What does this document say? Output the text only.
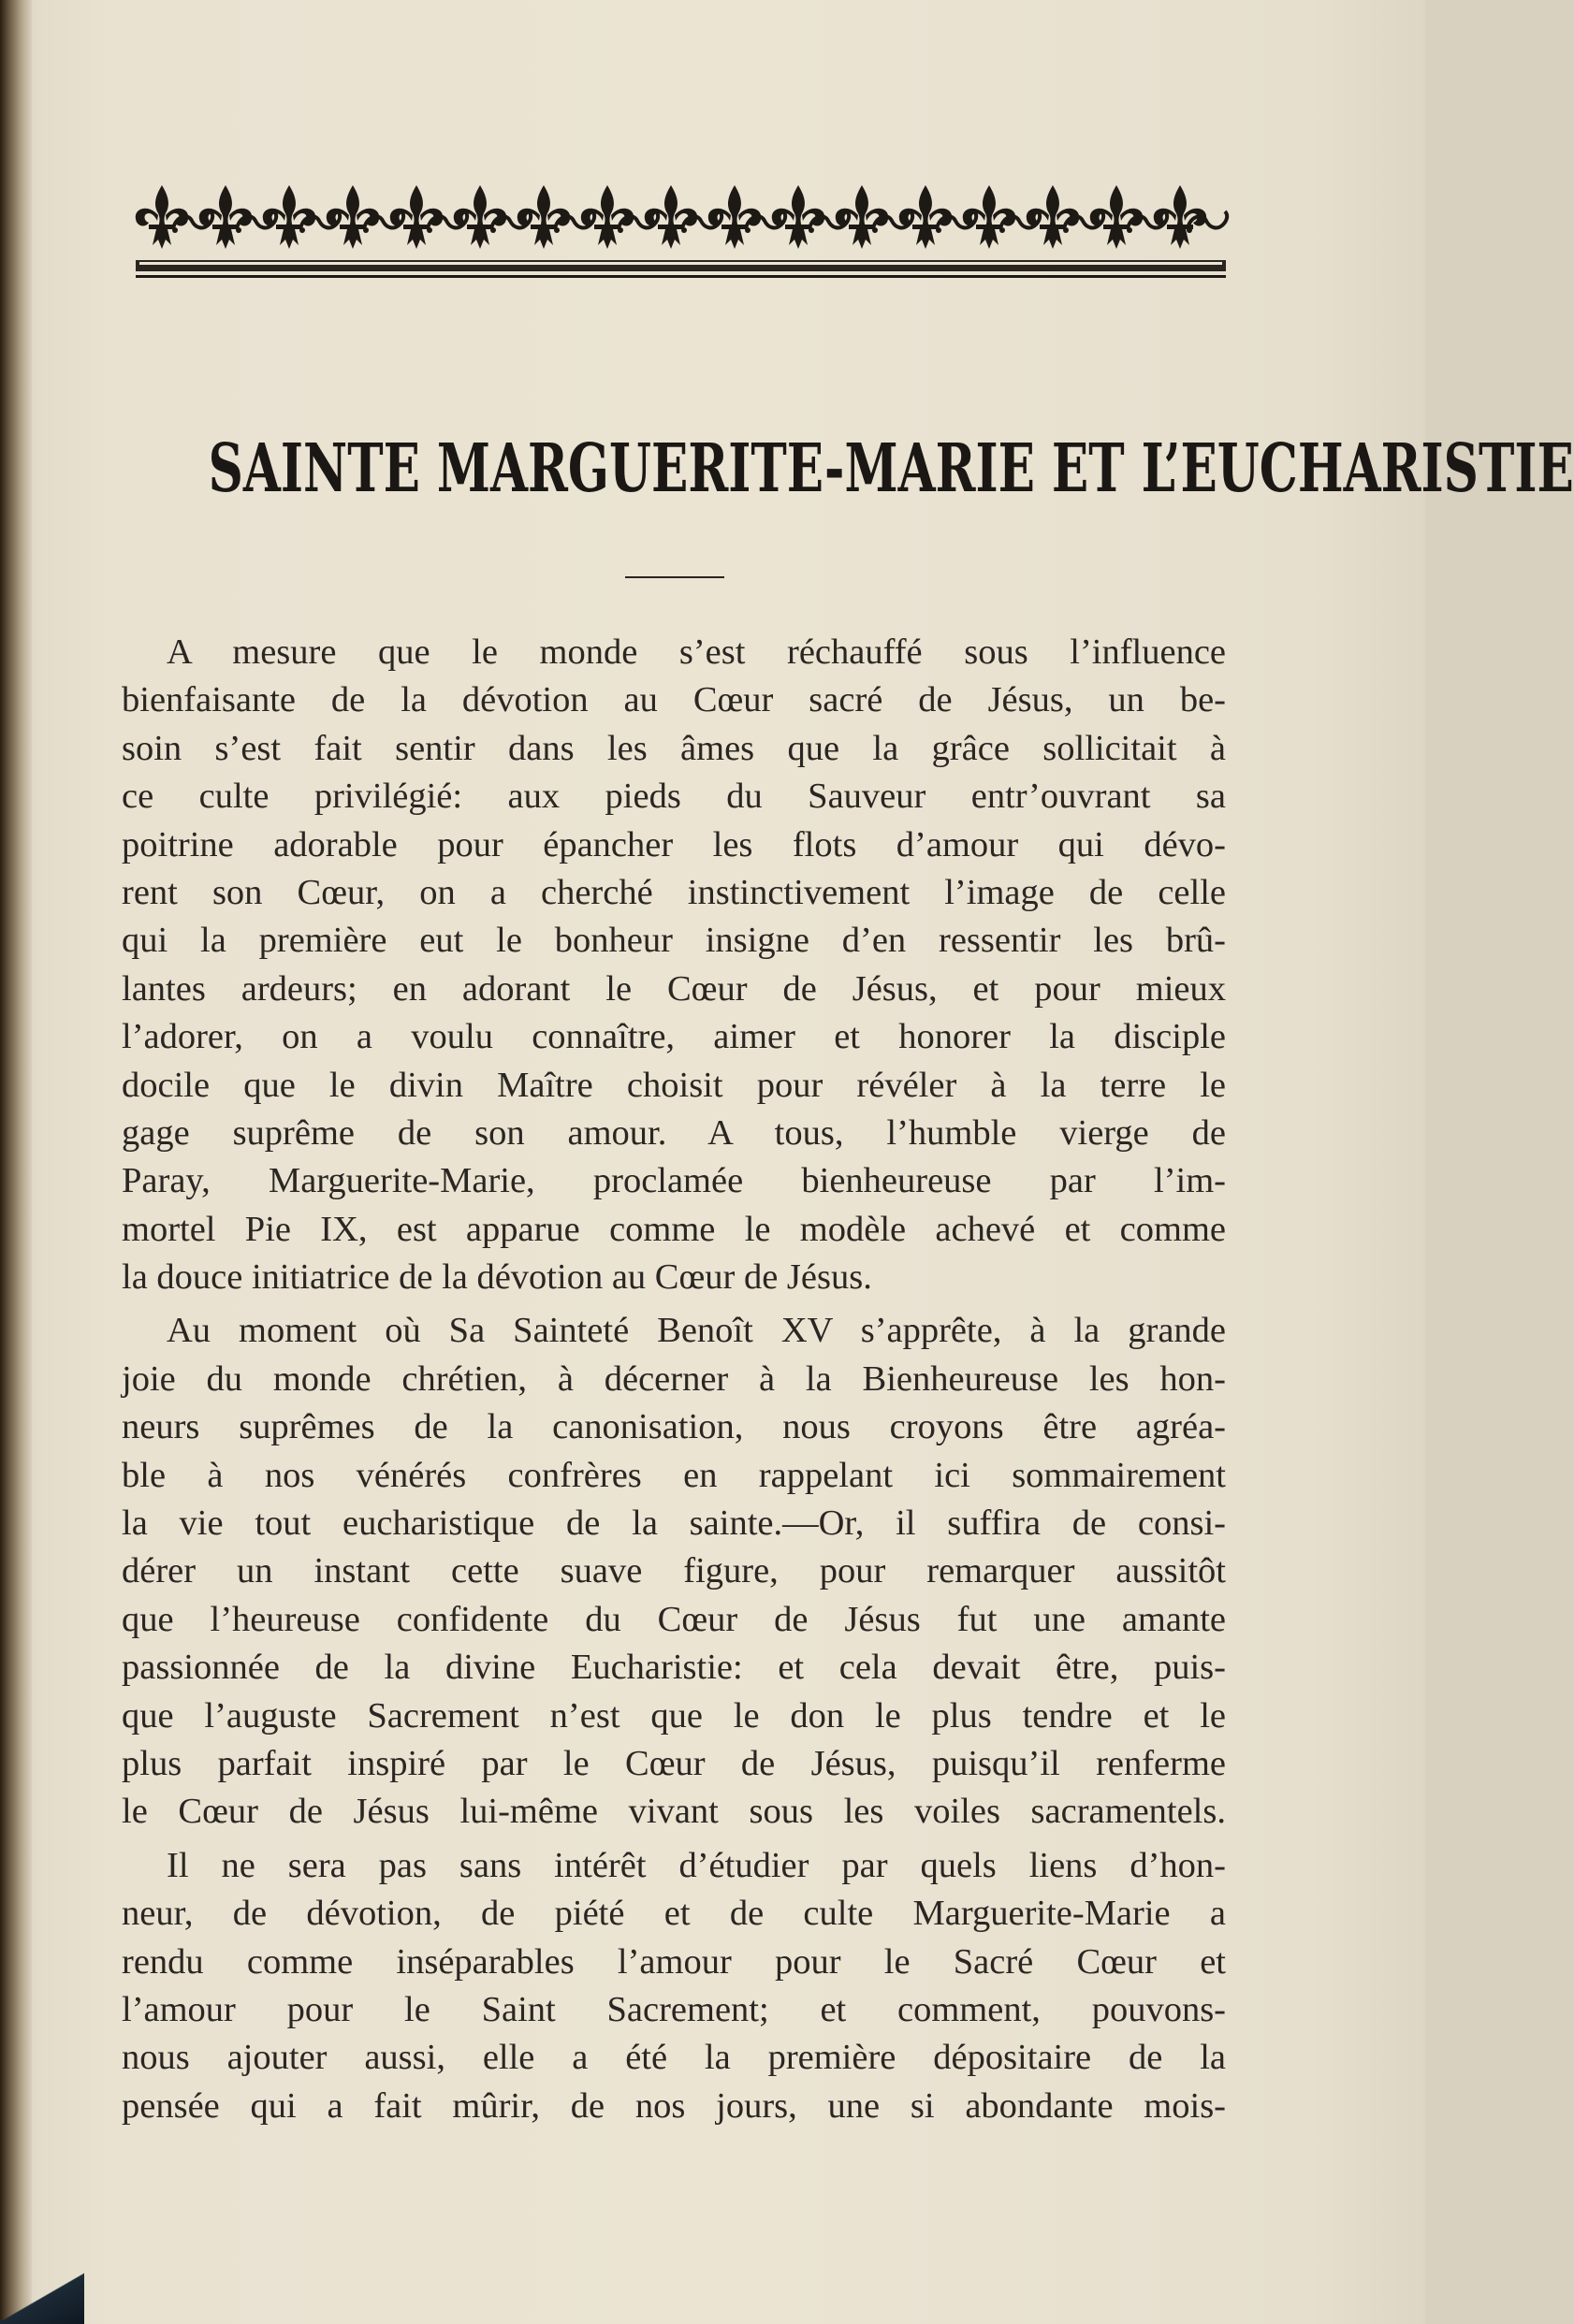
SAINTE MARGUERITE-MARIE ET L’EUCHARISTIE
A mesure que le monde s’est réchauffé sous l’influence
bienfaisante de la dévotion au Cœur sacré de Jésus, un be-
soin s’est fait sentir dans les âmes que la grâce sollicitait à
ce culte privilégié: aux pieds du Sauveur entr’ouvrant sa
poitrine adorable pour épancher les flots d’amour qui dévo-
rent son Cœur, on a cherché instinctivement l’image de celle
qui la première eut le bonheur insigne d’en ressentir les brû-
lantes ardeurs; en adorant le Cœur de Jésus, et pour mieux
l’adorer, on a voulu connaître, aimer et honorer la disciple
docile que le divin Maître choisit pour révéler à la terre le
gage suprême de son amour. A tous, l’humble vierge de
Paray, Marguerite-Marie, proclamée bienheureuse par l’im-
mortel Pie IX, est apparue comme le modèle achevé et comme
la douce initiatrice de la dévotion au Cœur de Jésus.
Au moment où Sa Sainteté Benoît XV s’apprête, à la grande
joie du monde chrétien, à décerner à la Bienheureuse les hon-
neurs suprêmes de la canonisation, nous croyons être agréa-
ble à nos vénérés confrères en rappelant ici sommairement
la vie tout eucharistique de la sainte.—Or, il suffira de consi-
dérer un instant cette suave figure, pour remarquer aussitôt
que l’heureuse confidente du Cœur de Jésus fut une amante
passionnée de la divine Eucharistie: et cela devait être, puis-
que l’auguste Sacrement n’est que le don le plus tendre et le
plus parfait inspiré par le Cœur de Jésus, puisqu’il renferme
le Cœur de Jésus lui-même vivant sous les voiles sacramentels.
Il ne sera pas sans intérêt d’étudier par quels liens d’hon-
neur, de dévotion, de piété et de culte Marguerite-Marie a
rendu comme inséparables l’amour pour le Sacré Cœur et
l’amour pour le Saint Sacrement; et comment, pouvons-
nous ajouter aussi, elle a été la première dépositaire de la
pensée qui a fait mûrir, de nos jours, une si abondante mois-
